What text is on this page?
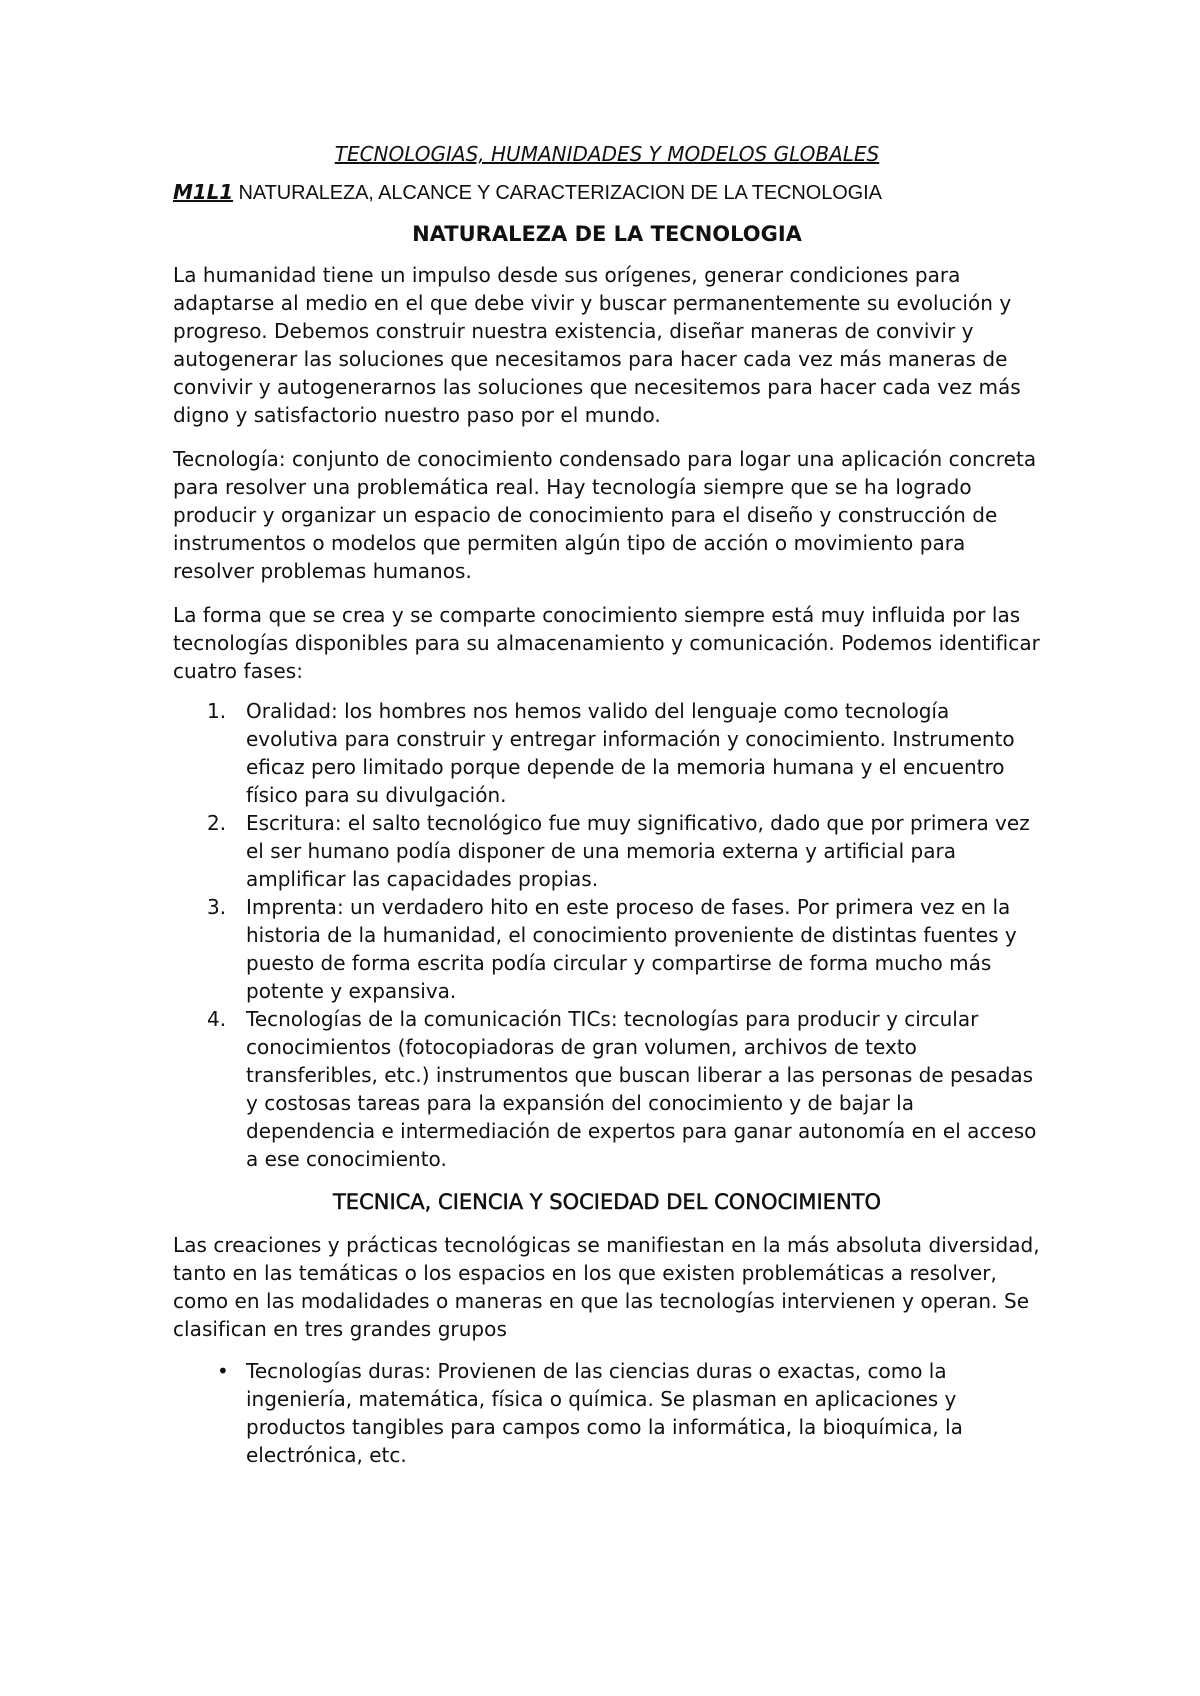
TECNOLOGIAS, HUMANIDADES Y MODELOS GLOBALES

M1L1 NATURALEZA, ALCANCE Y CARACTERIZACION DE LA TECNOLOGIA

NATURALEZA DE LA TECNOLOGIA

La humanidad tiene un impulso desde sus orígenes, generar condiciones para adaptarse al medio en el que debe vivir y buscar permanentemente su evolución y progreso. Debemos construir nuestra existencia, diseñar maneras de convivir y autogenerar las soluciones que necesitamos para hacer cada vez más maneras de convivir y autogenerarnos las soluciones que necesitemos para hacer cada vez más digno y satisfactorio nuestro paso por el mundo.

Tecnología: conjunto de conocimiento condensado para logar una aplicación concreta para resolver una problemática real. Hay tecnología siempre que se ha logrado producir y organizar un espacio de conocimiento para el diseño y construcción de instrumentos o modelos que permiten algún tipo de acción o movimiento para resolver problemas humanos.

La forma que se crea y se comparte conocimiento siempre está muy influida por las tecnologías disponibles para su almacenamiento y comunicación. Podemos identificar cuatro fases:

1. Oralidad: los hombres nos hemos valido del lenguaje como tecnología evolutiva para construir y entregar información y conocimiento. Instrumento eficaz pero limitado porque depende de la memoria humana y el encuentro físico para su divulgación.
2. Escritura: el salto tecnológico fue muy significativo, dado que por primera vez el ser humano podía disponer de una memoria externa y artificial para amplificar las capacidades propias.
3. Imprenta: un verdadero hito en este proceso de fases. Por primera vez en la historia de la humanidad, el conocimiento proveniente de distintas fuentes y puesto de forma escrita podía circular y compartirse de forma mucho más potente y expansiva.
4. Tecnologías de la comunicación TICs: tecnologías para producir y circular conocimientos (fotocopiadoras de gran volumen, archivos de texto transferibles, etc.) instrumentos que buscan liberar a las personas de pesadas y costosas tareas para la expansión del conocimiento y de bajar la dependencia e intermediación de expertos para ganar autonomía en el acceso a ese conocimiento.
TECNICA, CIENCIA Y SOCIEDAD DEL CONOCIMIENTO

Las creaciones y prácticas tecnológicas se manifiestan en la más absoluta diversidad, tanto en las temáticas o los espacios en los que existen problemáticas a resolver, como en las modalidades o maneras en que las tecnologías intervienen y operan. Se clasifican en tres grandes grupos

• Tecnologías duras: Provienen de las ciencias duras o exactas, como la ingeniería, matemática, física o química. Se plasman en aplicaciones y productos tangibles para campos como la informática, la bioquímica, la electrónica, etc.
